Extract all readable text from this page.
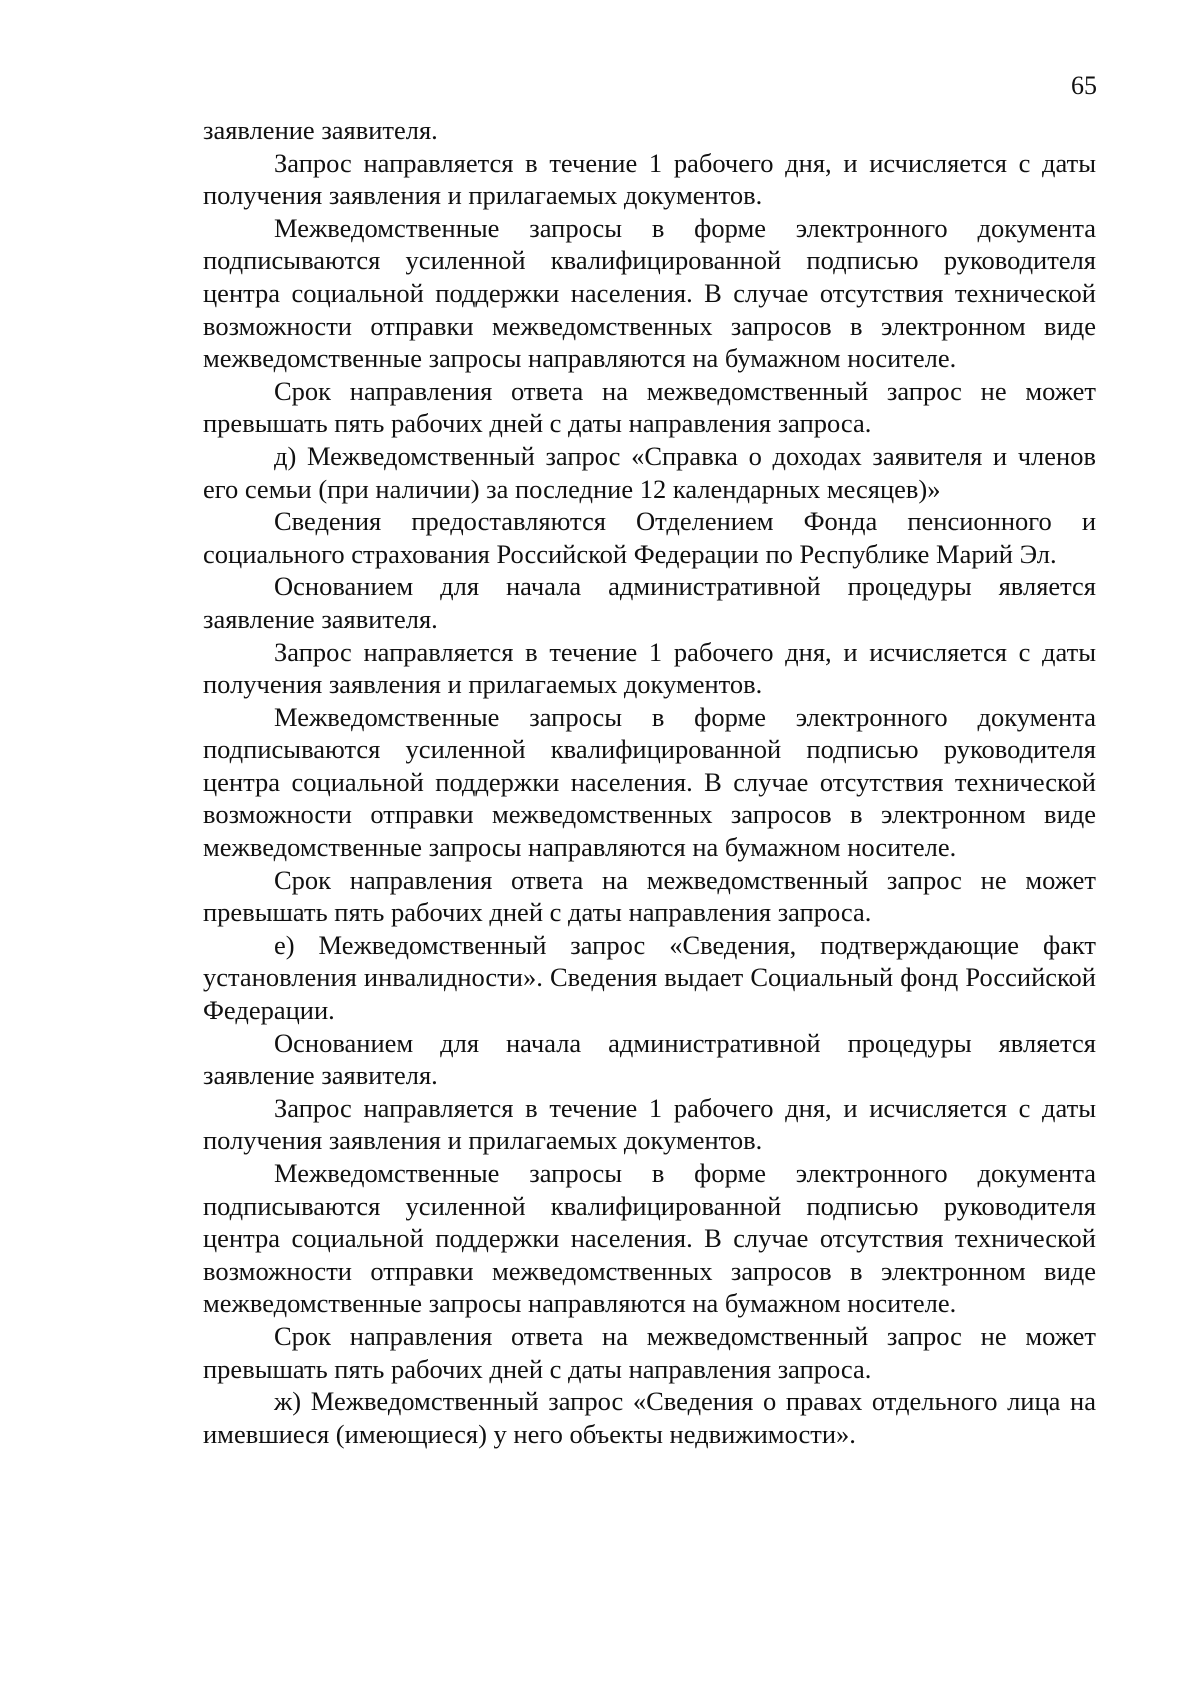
65

заявление заявителя.

Запрос направляется в течение 1 рабочего дня, и исчисляется с даты получения заявления и прилагаемых документов.

Межведомственные запросы в форме электронного документа подписываются усиленной квалифицированной подписью руководителя центра социальной поддержки населения. В случае отсутствия технической возможности отправки межведомственных запросов в электронном виде межведомственные запросы направляются на бумажном носителе.

Срок направления ответа на межведомственный запрос не может превышать пять рабочих дней с даты направления запроса.

д) Межведомственный запрос «Справка о доходах заявителя и членов его семьи (при наличии) за последние 12 календарных месяцев)»

Сведения предоставляются Отделением Фонда пенсионного и социального страхования Российской Федерации по Республике Марий Эл.

Основанием для начала административной процедуры является заявление заявителя.

Запрос направляется в течение 1 рабочего дня, и исчисляется с даты получения заявления и прилагаемых документов.

Межведомственные запросы в форме электронного документа подписываются усиленной квалифицированной подписью руководителя центра социальной поддержки населения. В случае отсутствия технической возможности отправки межведомственных запросов в электронном виде межведомственные запросы направляются на бумажном носителе.

Срок направления ответа на межведомственный запрос не может превышать пять рабочих дней с даты направления запроса.

е) Межведомственный запрос «Сведения, подтверждающие факт установления инвалидности». Сведения выдает Социальный фонд Российской Федерации.

Основанием для начала административной процедуры является заявление заявителя.

Запрос направляется в течение 1 рабочего дня, и исчисляется с даты получения заявления и прилагаемых документов.

Межведомственные запросы в форме электронного документа подписываются усиленной квалифицированной подписью руководителя центра социальной поддержки населения. В случае отсутствия технической возможности отправки межведомственных запросов в электронном виде межведомственные запросы направляются на бумажном носителе.

Срок направления ответа на межведомственный запрос не может превышать пять рабочих дней с даты направления запроса.

ж) Межведомственный запрос «Сведения о правах отдельного лица на имевшиеся (имеющиеся) у него объекты недвижимости».
